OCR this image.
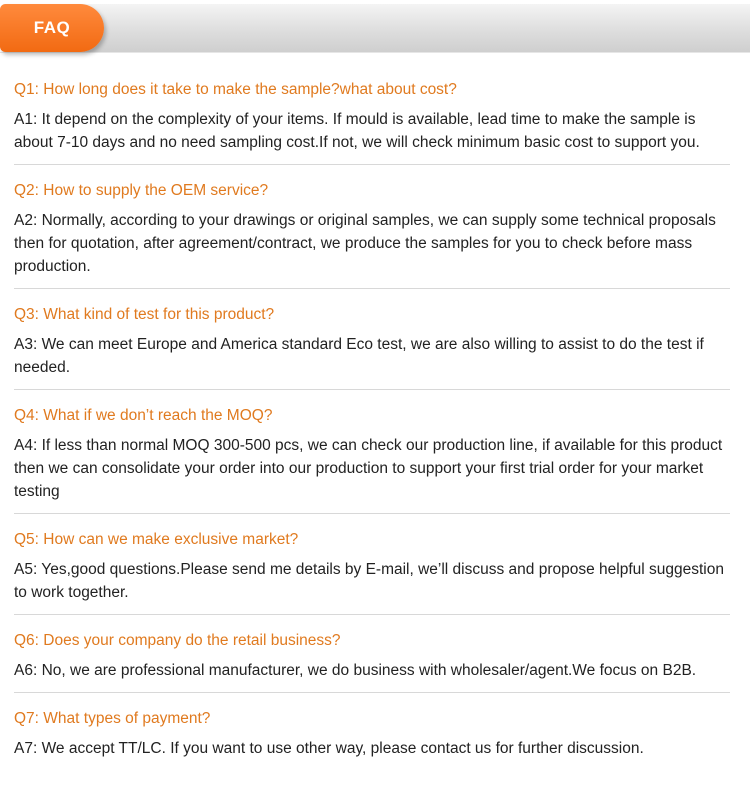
FAQ
Q1: How long does it take to make the sample?what about cost?
A1: It depend on the complexity of your items. If mould is available, lead time to make the sample is about 7-10 days and no need sampling cost.If not, we will check minimum basic cost to support you.
Q2: How to supply the OEM service?
A2: Normally, according to your drawings or original samples, we can supply some technical proposals then for quotation, after agreement/contract, we produce the samples for you to check before mass production.
Q3: What kind of test for this product?
A3: We can meet Europe and America standard Eco test, we are also willing to assist to do the test if needed.
Q4: What if we don’t reach the MOQ?
A4: If less than normal MOQ 300-500 pcs, we can check our production line, if available for this product then we can consolidate your order into our production to support your first trial order for your market testing
Q5: How can we make exclusive market?
A5: Yes,good questions.Please send me details by E-mail, we’ll discuss and propose helpful suggestion to work together.
Q6: Does your company do the retail business?
A6: No, we are professional manufacturer, we do business with wholesaler/agent.We focus on B2B.
Q7: What types of payment?
A7: We accept TT/LC. If you want to use other way, please contact us for further discussion.
